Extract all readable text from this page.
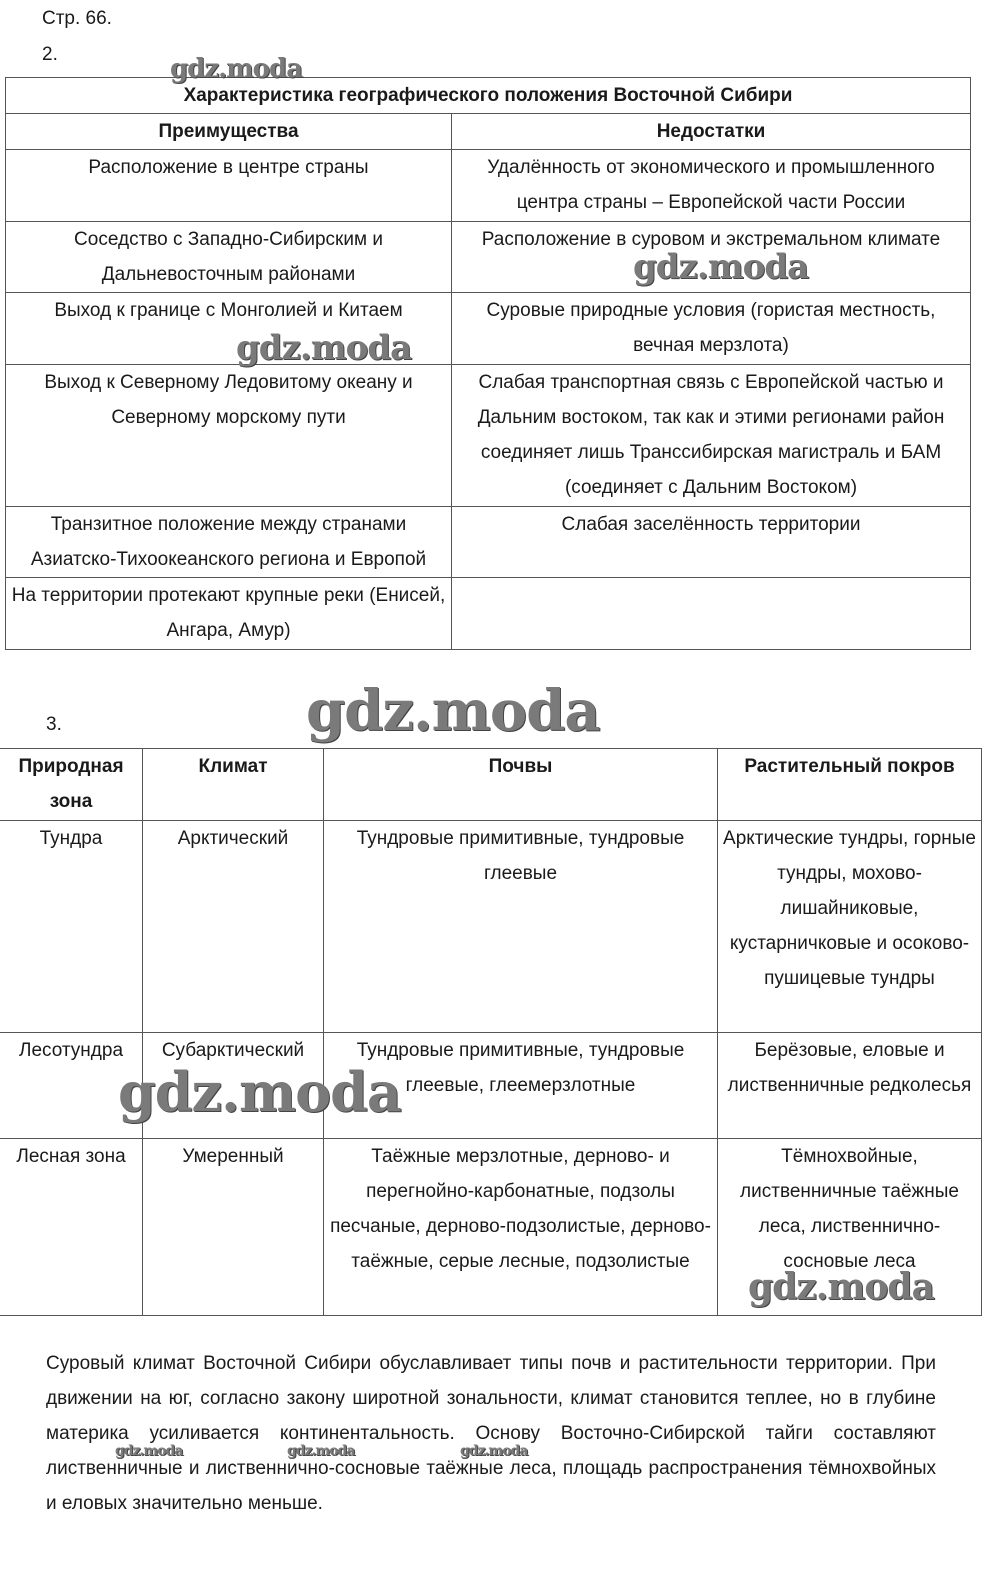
Стр. 66.
2.
Характеристика географического положения Восточной Сибири	
Преимущества	Недостатки
Расположение в центре страны	Удалённость от экономического и промышленного центра страны – Европейской части России
Соседство с Западно-Сибирским и Дальневосточным районами	Расположение в суровом и экстремальном климате
Выход к границе с Монголией и Китаем	Суровые природные условия (гористая местность, вечная мерзлота)
Выход к Северному Ледовитому океану и Северному морскому пути	Слабая транспортная связь с Европейской частью и Дальним востоком, так как и этими регионами район соединяет лишь Транссибирская магистраль и БАМ (соединяет с Дальним Востоком)
Транзитное положение между странами Азиатско-Тихоокеанского региона и Европой	Слабая заселённость территории
На территории протекают крупные реки (Енисей, Ангара, Амур)	
3.
Природная зона	Климат	Почвы	Растительный покров
Тундра	Арктический	Тундровые примитивные, тундровые глеевые	Арктические тундры, горные тундры, мохово-лишайниковые, кустарничковые и осоково-пушицевые тундры
Лесотундра	Субарктический	Тундровые примитивные, тундровые глеевые, глеемерзлотные	Берёзовые, еловые и лиственничные редколесья
Лесная зона	Умеренный	Таёжные мерзлотные, дерново- и перегнойно-карбонатные, подзолы песчаные, дерново-подзолистые, дерново-таёжные, серые лесные, подзолистые	Тёмнохвойные, лиственничные таёжные леса, лиственнично-сосновые леса
Суровый климат Восточной Сибири обуславливает типы почв и растительности территории. При движении на юг, согласно закону широтной зональности, климат становится теплее, но в глубине материка усиливается континентальность. Основу Восточно-Сибирской тайги составляют лиственничные и лиственнично-сосновые таёжные леса, площадь распространения тёмнохвойных и еловых значительно меньше.
gdz.moda
gdz.moda
gdz.moda
gdz.moda
gdz.moda
gdz.moda
gdz.moda	gdz.moda	gdz.moda
